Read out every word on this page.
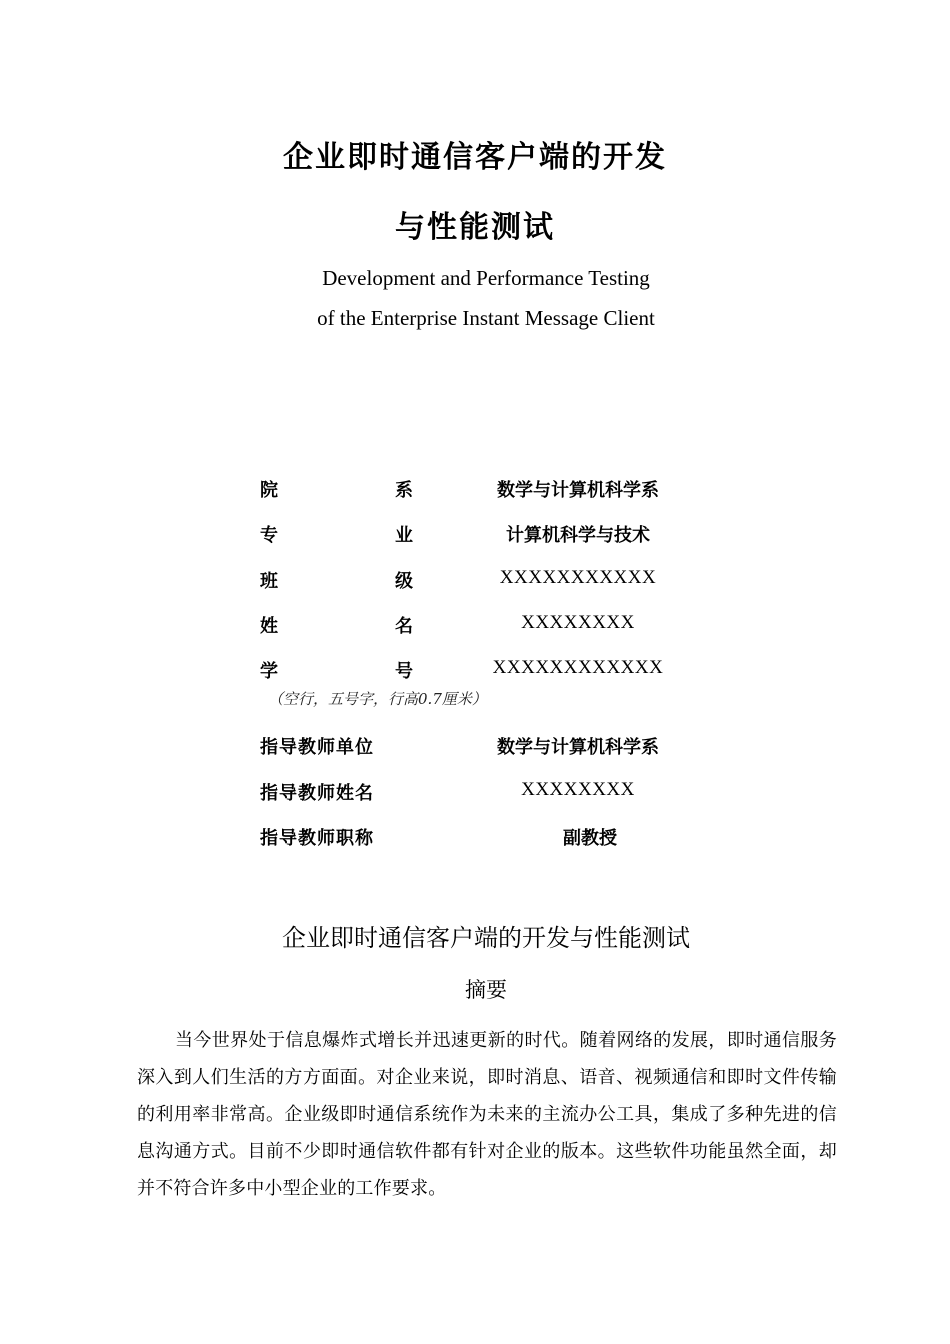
企业即时通信客户端的开发
与性能测试
Development and Performance Testing
of the Enterprise Instant Message Client
院	系	数学与计算机科学系
专	业	计算机科学与技术
班	级	XXXXXXXXXXX
姓	名	XXXXXXXX
学	号	XXXXXXXXXXXX
（空行，五号字，行高0.7厘米）
指导教师单位	数学与计算机科学系
指导教师姓名	XXXXXXXX
指导教师职称	副教授
企业即时通信客户端的开发与性能测试
摘要
当今世界处于信息爆炸式增长并迅速更新的时代。随着网络的发展，即时通信服务深入到人们生活的方方面面。对企业来说，即时消息、语音、视频通信和即时文件传输的利用率非常高。企业级即时通信系统作为未来的主流办公工具，集成了多种先进的信息沟通方式。目前不少即时通信软件都有针对企业的版本。这些软件功能虽然全面，却并不符合许多中小型企业的工作要求。
